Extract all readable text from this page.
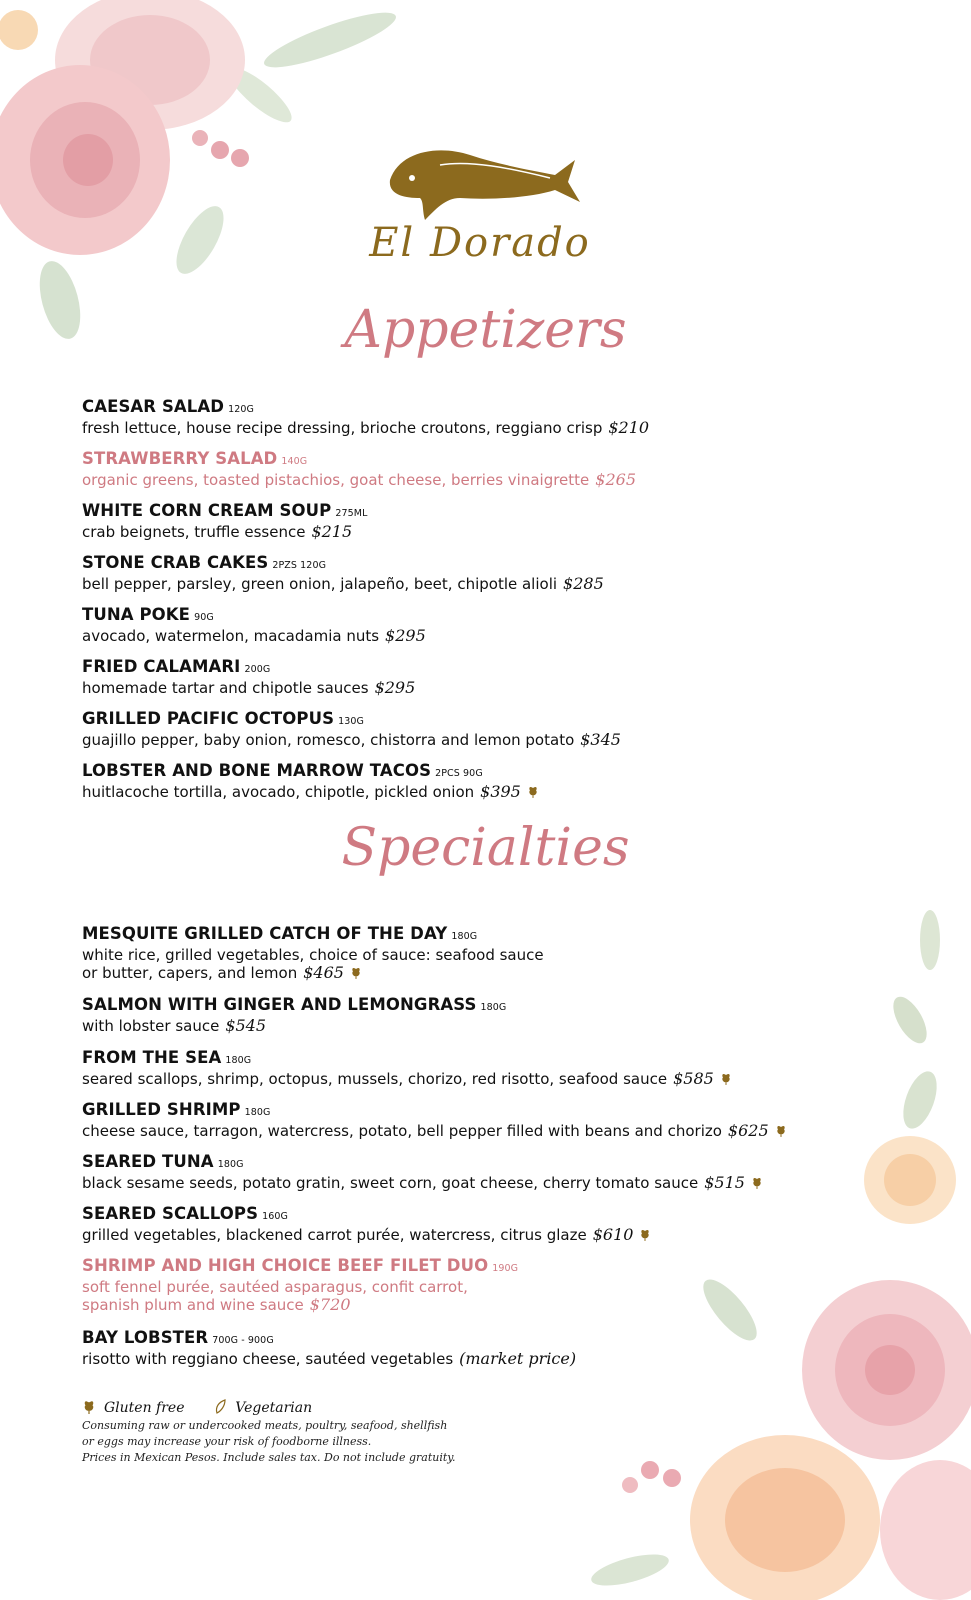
El Dorado
Appetizers
CAESAR SALAD 120G
fresh lettuce, house recipe dressing, brioche croutons, reggiano crisp $210
STRAWBERRY SALAD 140G
organic greens, toasted pistachios, goat cheese, berries vinaigrette $265
WHITE CORN CREAM SOUP 275ML
crab beignets, truffle essence $215
STONE CRAB CAKES 2PZS 120G
bell pepper, parsley, green onion, jalapeño, beet, chipotle alioli $285
TUNA POKE 90G
avocado, watermelon, macadamia nuts $295
FRIED CALAMARI 200G
homemade tartar and chipotle sauces $295
GRILLED PACIFIC OCTOPUS 130G
guajillo pepper, baby onion, romesco, chistorra and lemon potato $345
LOBSTER AND BONE MARROW TACOS 2PCS 90G
huitlacoche tortilla, avocado, chipotle, pickled onion $395
Specialties
MESQUITE GRILLED CATCH OF THE DAY 180G
white rice, grilled vegetables, choice of sauce: seafood sauce
or butter, capers, and lemon $465
SALMON WITH GINGER AND LEMONGRASS 180G
with lobster sauce $545
FROM THE SEA 180G
seared scallops, shrimp, octopus, mussels, chorizo, red risotto, seafood sauce $585
GRILLED SHRIMP 180G
cheese sauce, tarragon, watercress, potato, bell pepper filled with beans and chorizo $625
SEARED TUNA 180G
black sesame seeds, potato gratin, sweet corn, goat cheese, cherry tomato sauce $515
SEARED SCALLOPS 160G
grilled vegetables, blackened carrot purée, watercress, citrus glaze $610
SHRIMP AND HIGH CHOICE BEEF FILET DUO 190G
soft fennel purée, sautéed asparagus, confit carrot,
spanish plum and wine sauce $720
BAY LOBSTER 700G - 900G
risotto with reggiano cheese, sautéed vegetables (market price)
Gluten free	Vegetarian
Consuming raw or undercooked meats, poultry, seafood, shellfish
or eggs may increase your risk of foodborne illness.
Prices in Mexican Pesos. Include sales tax. Do not include gratuity.
